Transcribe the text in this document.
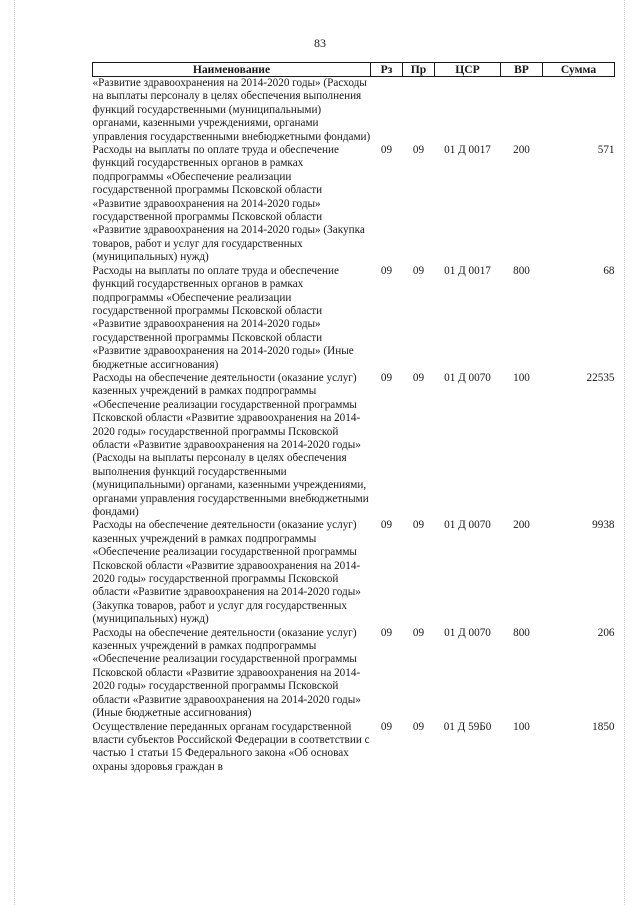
83
Наименование	Рз	Пр	ЦСР	ВР	Сумма
«Развитие здравоохранения на 2014-2020 годы» (Расходы на выплаты персоналу в целях обеспечения выполнения функций государственными (муниципальными) органами, казенными учреждениями, органами управления государственными внебюджетными фондами)					
Расходы на выплаты по оплате труда и обеспечение функций государственных органов в рамках подпрограммы «Обеспечение реализации государственной программы Псковской области «Развитие здравоохранения на 2014-2020 годы» государственной программы Псковской области «Развитие здравоохранения на 2014-2020 годы» (Закупка товаров, работ и услуг для государственных (муниципальных) нужд)	09	09	01 Д 0017	200	571
Расходы на выплаты по оплате труда и обеспечение функций государственных органов в рамках подпрограммы «Обеспечение реализации государственной программы Псковской области «Развитие здравоохранения на 2014-2020 годы» государственной программы Псковской области «Развитие здравоохранения на 2014-2020 годы» (Иные бюджетные ассигнования)	09	09	01 Д 0017	800	68
Расходы на обеспечение деятельности (оказание услуг) казенных учреждений в рамках подпрограммы «Обеспечение реализации государственной программы Псковской области «Развитие здравоохранения на 2014-2020 годы» государственной программы Псковской области «Развитие здравоохранения на 2014-2020 годы» (Расходы на выплаты персоналу в целях обеспечения выполнения функций государственными (муниципальными) органами, казенными учреждениями, органами управления государственными внебюджетными фондами)	09	09	01 Д 0070	100	22535
Расходы на обеспечение деятельности (оказание услуг) казенных учреждений в рамках подпрограммы «Обеспечение реализации государственной программы Псковской области «Развитие здравоохранения на 2014-2020 годы» государственной программы Псковской области «Развитие здравоохранения на 2014-2020 годы» (Закупка товаров, работ и услуг для государственных (муниципальных) нужд)	09	09	01 Д 0070	200	9938
Расходы на обеспечение деятельности (оказание услуг) казенных учреждений в рамках подпрограммы «Обеспечение реализации государственной программы Псковской области «Развитие здравоохранения на 2014-2020 годы» государственной программы Псковской области «Развитие здравоохранения на 2014-2020 годы» (Иные бюджетные ассигнования)	09	09	01 Д 0070	800	206
Осуществление переданных органам государственной власти субъектов Российской Федерации в соответствии с частью 1 статьи 15 Федерального закона «Об основах охраны здоровья граждан в	09	09	01 Д 59Б0	100	1850
